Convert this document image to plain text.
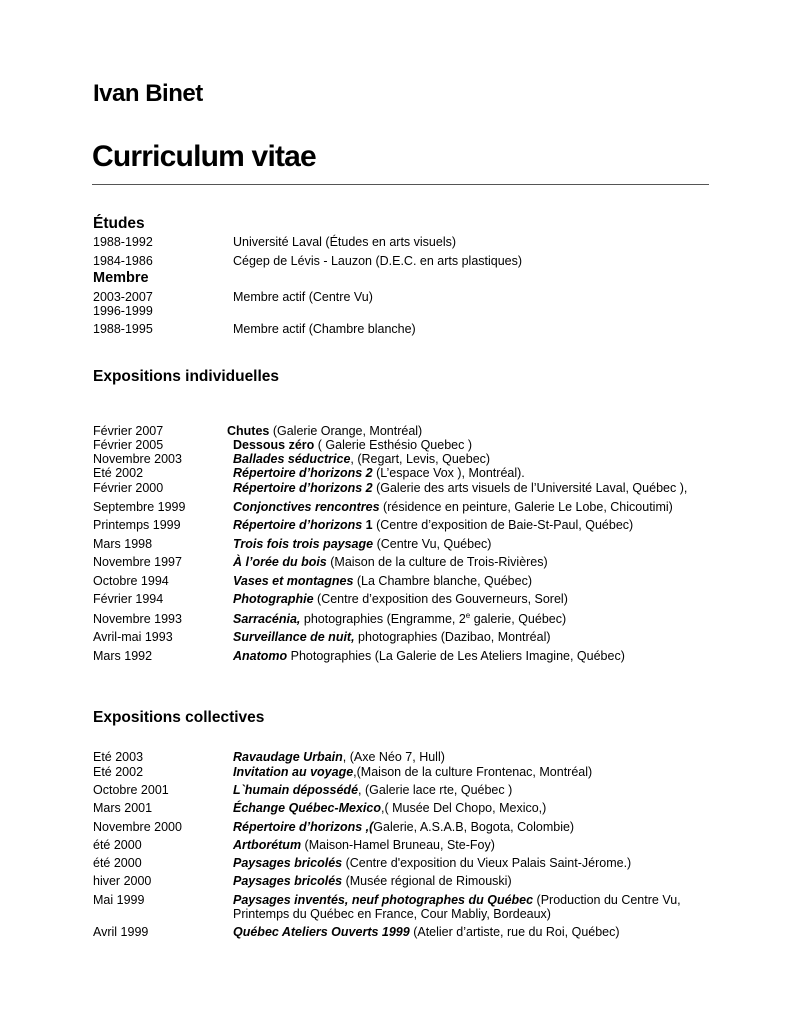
Ivan Binet
Curriculum vitae
Études
1988-1992	Université Laval (Études en arts visuels)
1984-1986	Cégep de Lévis - Lauzon (D.E.C. en arts plastiques)
Membre
2003-2007	Membre actif (Centre Vu)
1996-1999
1988-1995	Membre actif (Chambre blanche)
Expositions individuelles
Février 2007	Chutes (Galerie Orange, Montréal)
Février 2005	Dessous zéro ( Galerie Esthésio Quebec )
Novembre 2003	Ballades séductrice, (Regart, Levis, Quebec)
Eté 2002	Répertoire d’horizons 2 (L’espace Vox ), Montréal).
Février 2000	Répertoire d’horizons 2 (Galerie des arts visuels de l’Université Laval, Québec ),
Septembre 1999	Conjonctives rencontres (résidence en peinture, Galerie Le Lobe, Chicoutimi)
Printemps 1999	Répertoire d’horizons 1 (Centre d’exposition de Baie-St-Paul, Québec)
Mars 1998	Trois fois trois paysage (Centre Vu, Québec)
Novembre 1997	À l’orée du bois (Maison de la culture de Trois-Rivières)
Octobre 1994	Vases et montagnes (La Chambre blanche, Québec)
Février 1994	Photographie (Centre d’exposition des Gouverneurs, Sorel)
Novembre 1993	Sarracénia, photographies (Engramme, 2e galerie, Québec)
Avril-mai 1993	Surveillance de nuit, photographies (Dazibao, Montréal)
Mars 1992	Anatomo Photographies (La Galerie de Les Ateliers Imagine, Québec)
Expositions collectives
Eté 2003	Ravaudage Urbain, (Axe Néo 7, Hull)
Eté 2002	Invitation au voyage,(Maison de la culture Frontenac, Montréal)
Octobre 2001	L`humain dépossédé, (Galerie lace rte, Québec )
Mars 2001	Échange Québec-Mexico,( Musée Del Chopo, Mexico,)
Novembre 2000	Répertoire d’horizons ,(Galerie, A.S.A.B, Bogota, Colombie)
été 2000	Artborétum (Maison-Hamel Bruneau, Ste-Foy)
été 2000	Paysages bricolés (Centre d'exposition du Vieux Palais Saint-Jérome.)
hiver 2000	Paysages bricolés (Musée régional de Rimouski)
Mai 1999	Paysages inventés, neuf photographes du Québec (Production du Centre Vu, Printemps du Québec en France, Cour Mabliy, Bordeaux)
Avril 1999	Québec Ateliers Ouverts 1999 (Atelier d’artiste, rue du Roi, Québec)
